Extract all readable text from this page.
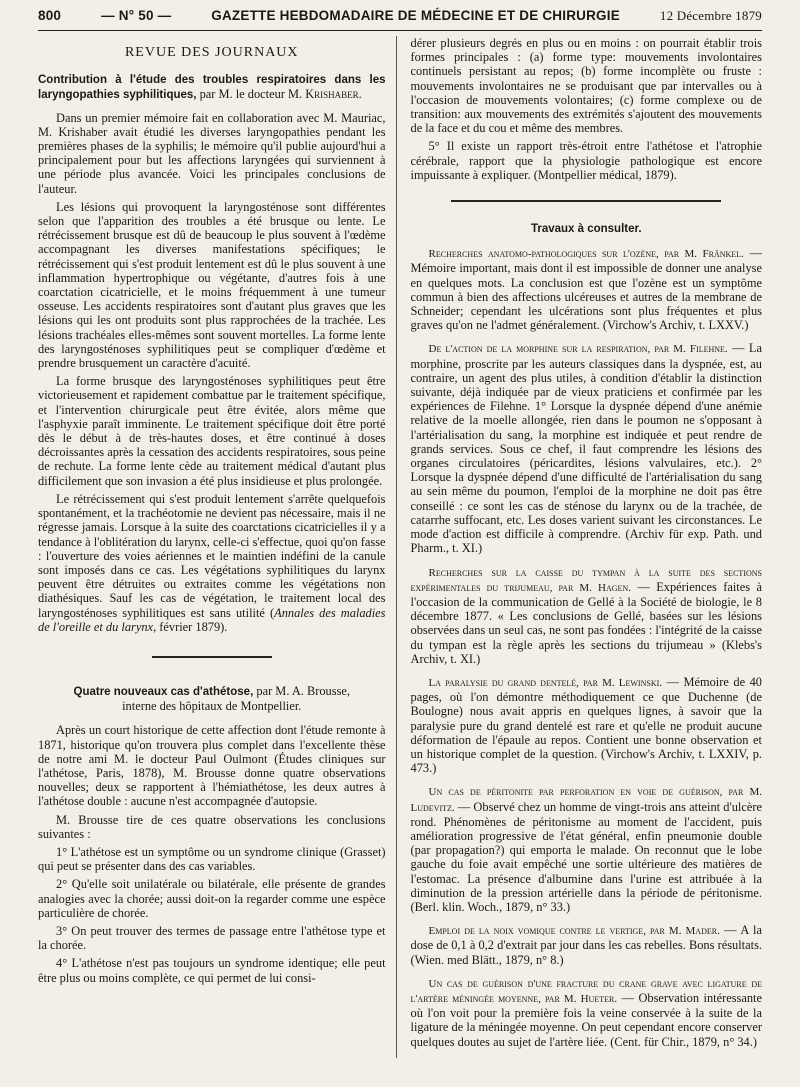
800	— N° 50 —	GAZETTE HEBDOMADAIRE DE MÉDECINE ET DE CHIRURGIE	12 Décembre 1879
REVUE DES JOURNAUX
Contribution à l'étude des troubles respiratoires dans les laryngopathies syphilitiques, par M. le docteur M. Krishaber.

Dans un premier mémoire fait en collaboration avec M. Mauriac, M. Krishaber avait étudié les diverses laryngopathies pendant les premières phases de la syphilis; le mémoire qu'il publie aujourd'hui a principalement pour but les affections laryngées qui surviennent à une période plus avancée. Voici les principales conclusions de l'auteur.

Les lésions qui provoquent la laryngosténose sont différentes selon que l'apparition des troubles a été brusque ou lente. Le rétrécissement brusque est dû de beaucoup le plus souvent à l'œdème accompagnant les diverses manifestations spécifiques; le rétrécissement qui s'est produit lentement est dû le plus souvent à une inflammation hypertrophique ou végétante, d'autres fois à une coarctation cicatricielle, et le moins fréquemment à une tumeur osseuse. Les accidents respiratoires sont d'autant plus graves que les lésions qui les ont produits sont plus rapprochées de la trachée. Les lésions trachéales elles-mêmes sont souvent mortelles. La forme lente des laryngosténoses syphilitiques peut se compliquer d'œdème et prendre brusquement un caractère d'acuité.

La forme brusque des laryngosténoses syphilitiques peut être victorieusement et rapidement combattue par le traitement spécifique, et l'intervention chirurgicale peut être évitée, alors même que l'asphyxie paraît imminente. Le traitement spécifique doit être porté dès le début à de très-hautes doses, et être continué à doses décroissantes après la cessation des accidents respiratoires, sous peine de rechute. La forme lente cède au traitement médical d'autant plus difficilement que son invasion a été plus insidieuse et plus prolongée.

Le rétrécissement qui s'est produit lentement s'arrête quelquefois spontanément, et la trachéotomie ne devient pas nécessaire, mais il ne régresse jamais. Lorsque à la suite des coarctations cicatricielles il y a tendance à l'oblitération du larynx, celle-ci s'effectue, quoi qu'on fasse : l'ouverture des voies aériennes et le maintien indéfini de la canule sont imposés dans ce cas. Les végétations syphilitiques du larynx peuvent être détruites ou extraites comme les végétations non diathésiques. Sauf les cas de végétation, le traitement local des laryngosténoses syphilitiques est sans utilité (Annales des maladies de l'oreille et du larynx, février 1879).

Quatre nouveaux cas d'athétose, par M. A. Brousse,
interne des hôpitaux de Montpellier.

Après un court historique de cette affection dont l'étude remonte à 1871, historique qu'on trouvera plus complet dans l'excellente thèse de notre ami M. le docteur Paul Oulmont (Études cliniques sur l'athétose, Paris, 1878), M. Brousse donne quatre observations nouvelles; deux se rapportent à l'hémiathétose, les deux autres à l'athétose double : aucune n'est accompagnée d'autopsie.

M. Brousse tire de ces quatre observations les conclusions suivantes :

1° L'athétose est un symptôme ou un syndrome clinique (Grasset) qui peut se présenter dans des cas variables.

2° Qu'elle soit unilatérale ou bilatérale, elle présente de grandes analogies avec la chorée; aussi doit-on la regarder comme une espèce particulière de chorée.

3° On peut trouver des termes de passage entre l'athétose type et la chorée.

4° L'athétose n'est pas toujours un syndrome identique; elle peut être plus ou moins complète, ce qui permet de lui consi-

dérer plusieurs degrés en plus ou en moins : on pourrait établir trois formes principales : (a) forme type: mouvements involontaires continuels persistant au repos; (b) forme incomplète ou fruste : mouvements involontaires ne se produisant que par intervalles ou à l'occasion de mouvements volontaires; (c) forme complexe ou de transition: aux mouvements des extrémités s'ajoutent des mouvements de la face et du cou et même des membres.

5° Il existe un rapport très-étroit entre l'athétose et l'atrophie cérébrale, rapport que la physiologie pathologique est encore impuissante à expliquer. (Montpellier médical, 1879).

Travaux à consulter.

Recherches anatomo-pathologiques sur l'ozène, par M. Fränkel. — Mémoire important, mais dont il est impossible de donner une analyse en quelques mots. La conclusion est que l'ozène est un symptôme commun à bien des affections ulcéreuses et autres de la membrane de Schneider; cependant les ulcérations sont plus fréquentes et plus graves qu'on ne l'admet généralement. (Virchow's Archiv, t. LXXV.)

De l'action de la morphine sur la respiration, par M. Filehne. — La morphine, proscrite par les auteurs classiques dans la dyspnée, est, au contraire, un agent des plus utiles, à condition d'établir la distinction suivante, déjà indiquée par de vieux praticiens et confirmée par les expériences de Filehne. 1° Lorsque la dyspnée dépend d'une anémie relative de la moelle allongée, rien dans le poumon ne s'opposant à l'artérialisation du sang, la morphine est indiquée et peut rendre de grands services. Sous ce chef, il faut comprendre les lésions des organes circulatoires (péricardites, lésions valvulaires, etc.). 2° Lorsque la dyspnée dépend d'une difficulté de l'artérialisation du sang au sein même du poumon, l'emploi de la morphine ne doit pas être conseillé : ce sont les cas de sténose du larynx ou de la trachée, de catarrhe suffocant, etc. Les doses varient suivant les circonstances. Le mode d'action est difficile à comprendre. (Archiv für exp. Path. und Pharm., t. XI.)

Recherches sur la caisse du tympan à la suite des sections expérimentales du trijumeau, par M. Hagen. — Expériences faites à l'occasion de la communication de Gellé à la Société de biologie, le 8 décembre 1877. « Les conclusions de Gellé, basées sur les lésions observées dans un seul cas, ne sont pas fondées : l'intégrité de la caisse du tympan est la règle après les sections du trijumeau » (Klebs's Archiv, t. XI.)

La paralysie du grand dentelé, par M. Lewinski. — Mémoire de 40 pages, où l'on démontre méthodiquement ce que Duchenne (de Boulogne) nous avait appris en quelques lignes, à savoir que la paralysie pure du grand dentelé est rare et qu'elle ne produit aucune déformation de l'épaule au repos. Contient une bonne observation et un historique complet de la question. (Virchow's Archiv, t. LXXIV, p. 473.)

Un cas de péritonite par perforation en voie de guérison, par M. Ludevitz. — Observé chez un homme de vingt-trois ans atteint d'ulcère rond. Phénomènes de péritonisme au moment de l'accident, puis amélioration progressive de l'état général, enfin pneumonie double (par propagation?) qui emporta le malade. On reconnut que le lobe gauche du foie avait empêché une sortie ultérieure des matières de l'estomac. La présence d'albumine dans l'urine est attribuée à la diminution de la pression artérielle dans la période de péritonisme. (Berl. klin. Woch., 1879, n° 33.)

Emploi de la noix vomique contre le vertige, par M. Mader. — A la dose de 0,1 à 0,2 d'extrait par jour dans les cas rebelles. Bons résultats. (Wien. med Blätt., 1879, n° 8.)

Un cas de guérison d'une fracture du crane grave avec ligature de l'artère méningée moyenne, par M. Hueter. — Observation intéressante où l'on voit pour la première fois la veine conservée à la suite de la ligature de la méningée moyenne. On peut cependant encore conserver quelques doutes au sujet de l'artère liée. (Cent. für Chir., 1879, n° 34.)
